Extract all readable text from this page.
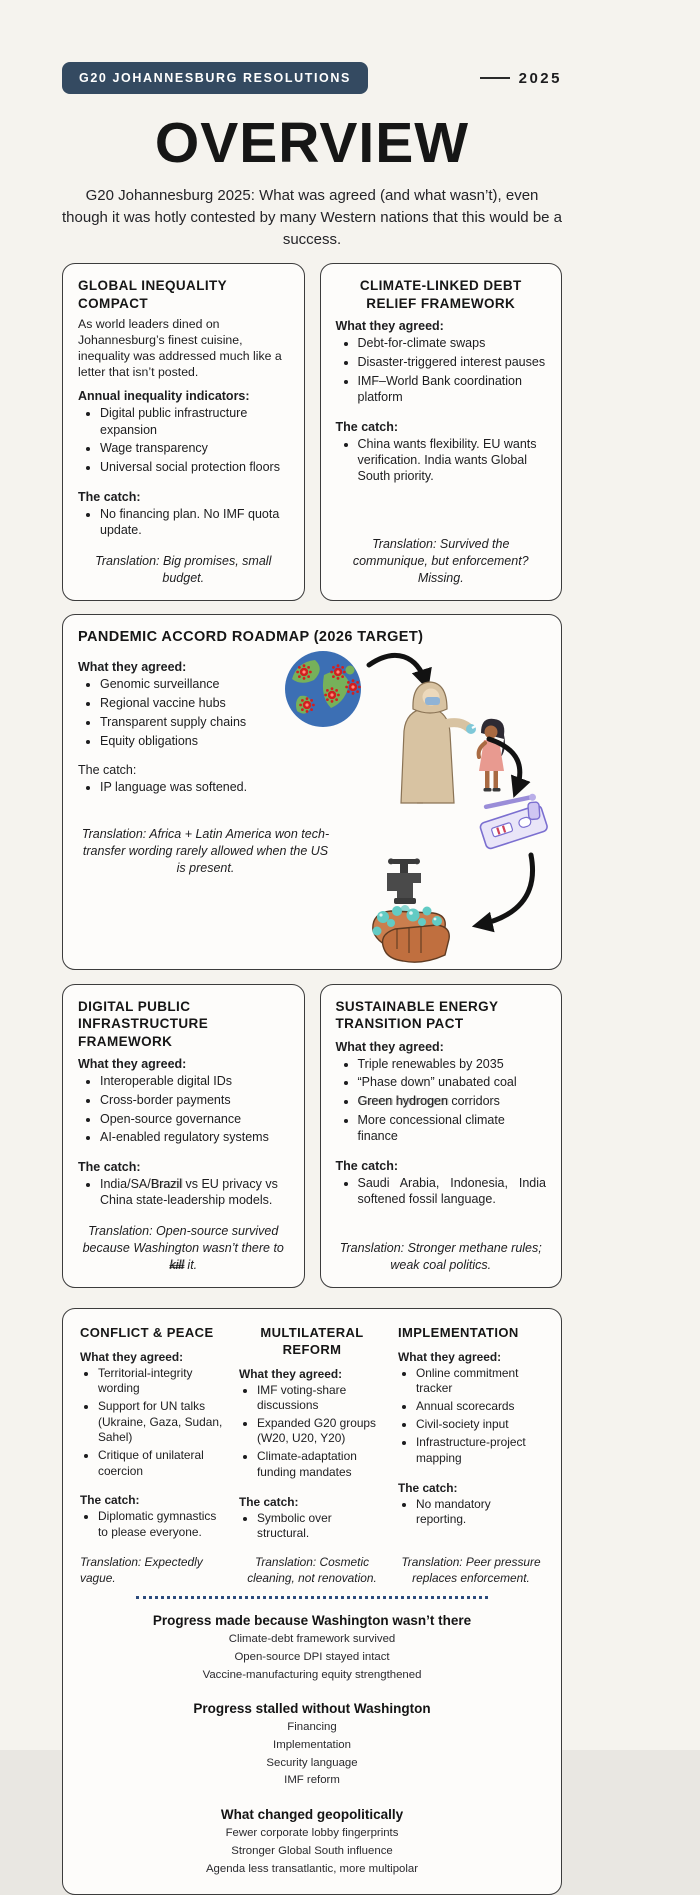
G20 JOHANNESBURG RESOLUTIONS	2025
OVERVIEW

G20 Johannesburg 2025: What was agreed (and what wasn’t), even though it was hotly contested by many Western nations that this would be a success.

GLOBAL INEQUALITY COMPACT

As world leaders dined on Johannesburg’s finest cuisine, inequality was addressed much like a letter that isn’t posted.

Annual inequality indicators:

• Digital public infrastructure expansion
• Wage transparency
• Universal social protection floors

The catch:

• No financing plan. No IMF quota update.

Translation: Big promises, small budget.

CLIMATE-LINKED DEBT RELIEF FRAMEWORK

What they agreed:

• Debt-for-climate swaps
• Disaster-triggered interest pauses
• IMF–World Bank coordination platform

The catch:

• China wants flexibility. EU wants verification. India wants Global South priority.

Translation: Survived the communique, but enforcement? Missing.

PANDEMIC ACCORD ROADMAP (2026 TARGET)

What they agreed:

• Genomic surveillance
• Regional vaccine hubs
• Transparent supply chains
• Equity obligations

The catch:

• IP language was softened.

Translation: Africa + Latin America won tech-transfer wording rarely allowed when the US is present.

DIGITAL PUBLIC INFRASTRUCTURE FRAMEWORK

What they agreed:

• Interoperable digital IDs
• Cross-border payments
• Open-source governance
• AI-enabled regulatory systems

The catch:

• India/SA/Brazil vs EU privacy vs China state-leadership models.

Translation: Open-source survived because Washington wasn’t there to kill it.

SUSTAINABLE ENERGY TRANSITION PACT

What they agreed:

• Triple renewables by 2035
• “Phase down” unabated coal
• Green hydrogen corridors
• More concessional climate finance

The catch:

• Saudi Arabia, Indonesia, India softened fossil language.

Translation: Stronger methane rules; weak coal politics.

CONFLICT & PEACE

What they agreed:

• Territorial-integrity wording
• Support for UN talks (Ukraine, Gaza, Sudan, Sahel)
• Critique of unilateral coercion

The catch:

• Diplomatic gymnastics to please everyone.

Translation: Expectedly vague.

MULTILATERAL REFORM

What they agreed:

• IMF voting-share discussions
• Expanded G20 groups (W20, U20, Y20)
• Climate-adaptation funding mandates

The catch:

• Symbolic over structural.

Translation: Cosmetic cleaning, not renovation.

IMPLEMENTATION

What they agreed:

• Online commitment tracker
• Annual scorecards
• Civil-society input
• Infrastructure-project mapping

The catch:

• No mandatory reporting.

Translation: Peer pressure replaces enforcement.

Progress made because Washington wasn’t there

Climate-debt framework survived

Open-source DPI stayed intact

Vaccine-manufacturing equity strengthened

Progress stalled without Washington

Financing

Implementation

Security language

IMF reform

What changed geopolitically

Fewer corporate lobby fingerprints

Stronger Global South influence

Agenda less transatlantic, more multipolar
